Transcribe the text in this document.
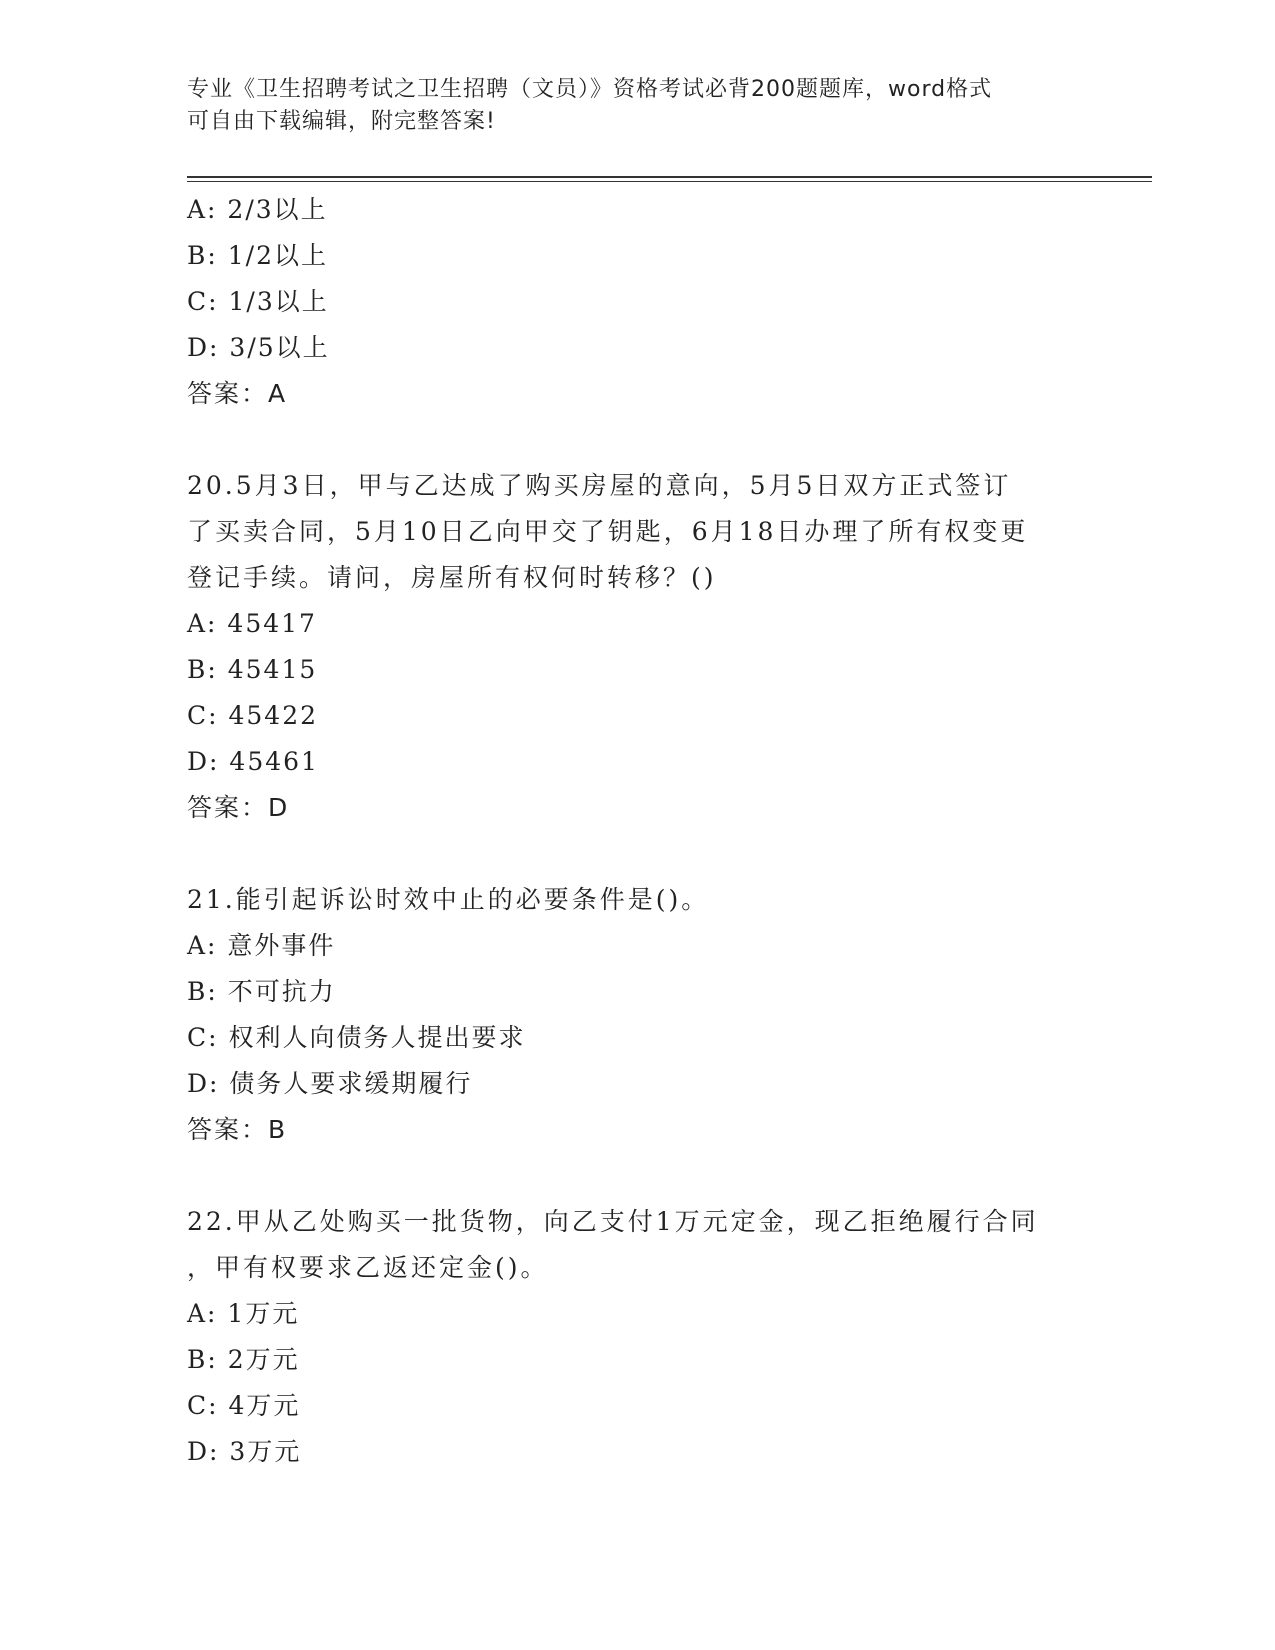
专业《卫生招聘考试之卫生招聘（文员）》资格考试必背200题题库，word格式
可自由下载编辑，附完整答案!
A: 2/3以上
B: 1/2以上
C: 1/3以上
D: 3/5以上
答案：A
20.5月3日，甲与乙达成了购买房屋的意向，5月5日双方正式签订
了买卖合同，5月10日乙向甲交了钥匙，6月18日办理了所有权变更
登记手续。请问，房屋所有权何时转移？()
A: 45417
B: 45415
C: 45422
D: 45461
答案：D
21.能引起诉讼时效中止的必要条件是()。
A: 意外事件
B: 不可抗力
C: 权利人向债务人提出要求
D: 债务人要求缓期履行
答案：B
22.甲从乙处购买一批货物，向乙支付1万元定金，现乙拒绝履行合同
，甲有权要求乙返还定金()。
A: 1万元
B: 2万元
C: 4万元
D: 3万元
